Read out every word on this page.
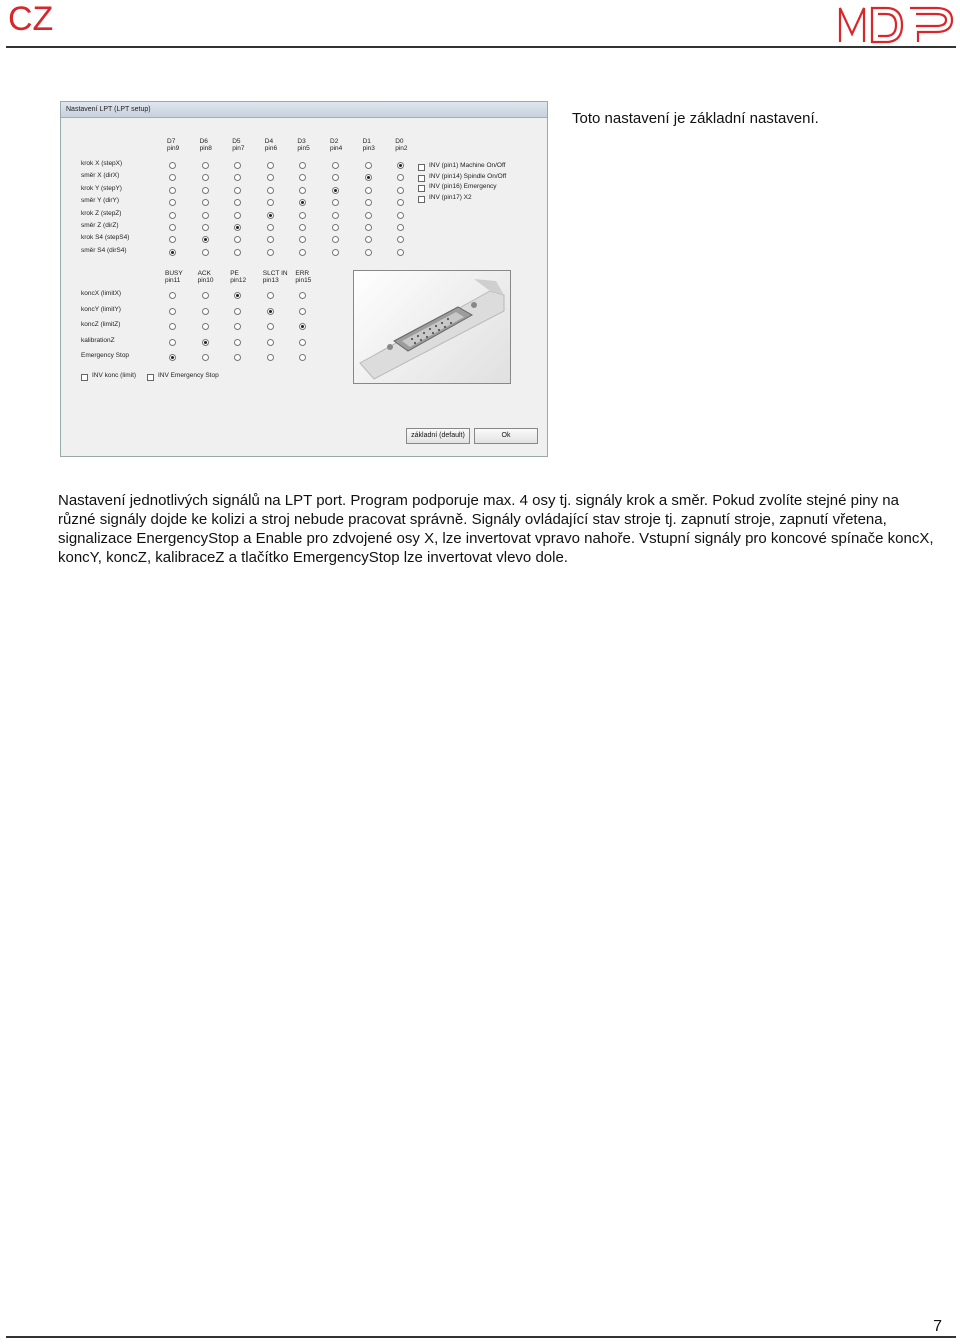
CZ
Toto nastavení je základní nastavení.
Nastavení LPT (LPT setup)
základní (default)	Ok
D7
pin9
D6
pin8
D5
pin7
D4
pin6
D3
pin5
D2
pin4
D1
pin3
D0
pin2
krok X (stepX)
směr X (dirX)
krok Y (stepY)
směr Y (dirY)
krok Z (stepZ)
směr Z (dirZ)
krok S4 (stepS4)
směr S4 (dirS4)
INV (pin1) Machine On/Off
INV (pin14) Spindle On/Off
INV (pin16) Emergency
INV (pin17) X2
BUSY
pin11
ACK
pin10
PE
pin12
SLCT IN
pin13
ERR
pin15
koncX (limitX)
koncY (limitY)
koncZ (limitZ)
kalibrationZ
Emergency Stop
INV konc (limit)	INV Emergency Stop
Nastavení jednotlivých signálů na LPT port. Program podporuje max. 4 osy tj. signály krok a směr. Pokud zvolíte stejné piny na různé signály dojde ke kolizi a stroj nebude pracovat správně. Signály ovládající stav stroje tj. zapnutí stroje, zapnutí vřetena, signalizace EnergencyStop a Enable pro zdvojené osy X, lze invertovat vpravo nahoře. Vstupní signály pro koncové spínače koncX, koncY, koncZ, kalibraceZ a tlačítko EmergencyStop lze invertovat vlevo dole.
7
